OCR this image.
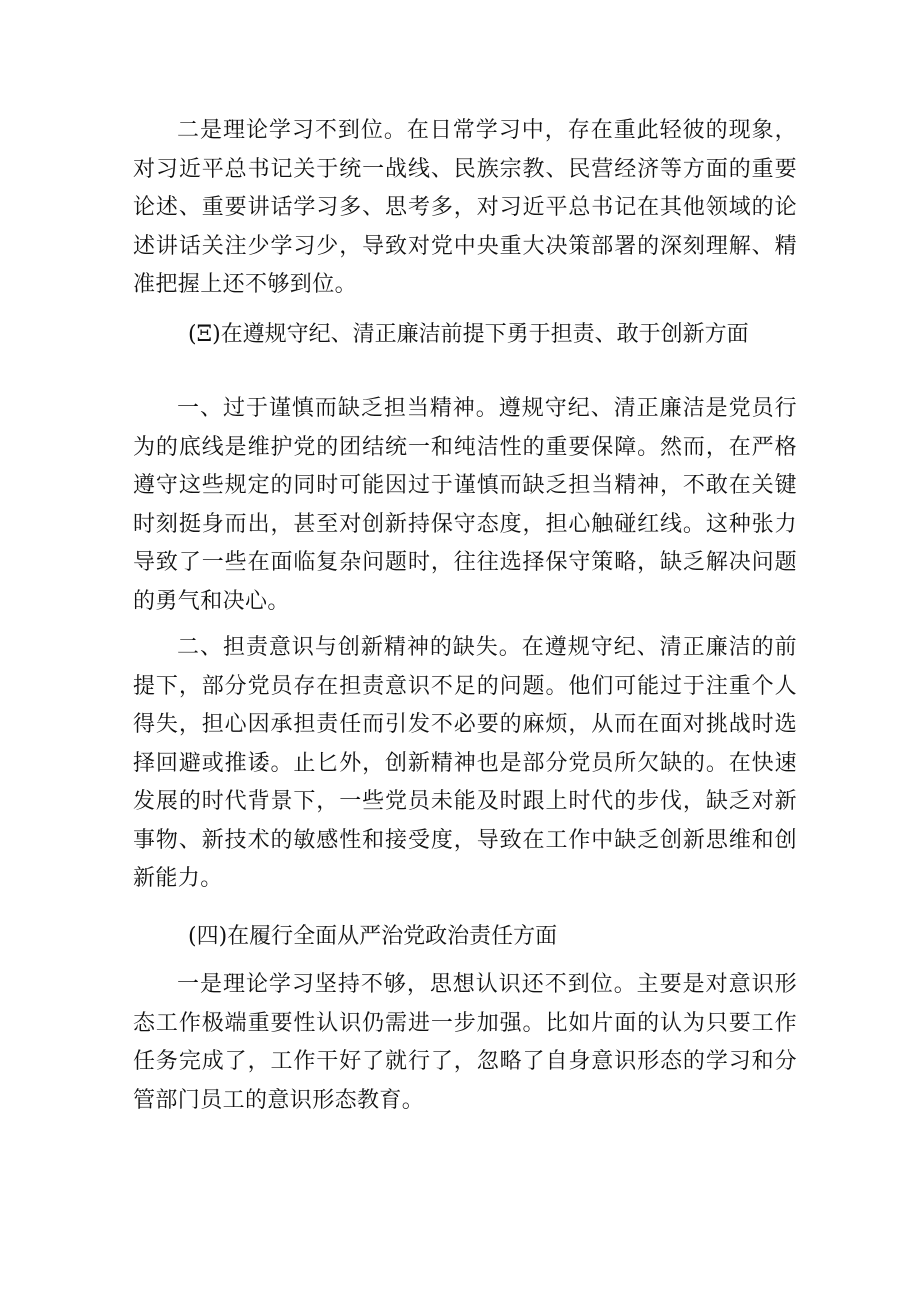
二是理论学习不到位。在日常学习中，存在重此轻彼的现象，对习近平总书记关于统一战线、民族宗教、民营经济等方面的重要论述、重要讲话学习多、思考多，对习近平总书记在其他领域的论述讲话关注少学习少，导致对党中央重大决策部署的深刻理解、精准把握上还不够到位。

(Ξ)在遵规守纪、清正廉洁前提下勇于担责、敢于创新方面

一、过于谨慎而缺乏担当精神。遵规守纪、清正廉洁是党员行为的底线是维护党的团结统一和纯洁性的重要保障。然而，在严格遵守这些规定的同时可能因过于谨慎而缺乏担当精神，不敢在关键时刻挺身而出，甚至对创新持保守态度，担心触碰红线。这种张力导致了一些在面临复杂问题时，往往选择保守策略，缺乏解决问题的勇气和决心。

二、担责意识与创新精神的缺失。在遵规守纪、清正廉洁的前提下，部分党员存在担责意识不足的问题。他们可能过于注重个人得失，担心因承担责任而引发不必要的麻烦，从而在面对挑战时选择回避或推诿。止匕外，创新精神也是部分党员所欠缺的。在快速发展的时代背景下，一些党员未能及时跟上时代的步伐，缺乏对新事物、新技术的敏感性和接受度，导致在工作中缺乏创新思维和创新能力。

(四)在履行全面从严治党政治责任方面

一是理论学习坚持不够，思想认识还不到位。主要是对意识形态工作极端重要性认识仍需进一步加强。比如片面的认为只要工作任务完成了，工作干好了就行了，忽略了自身意识形态的学习和分管部门员工的意识形态教育。
